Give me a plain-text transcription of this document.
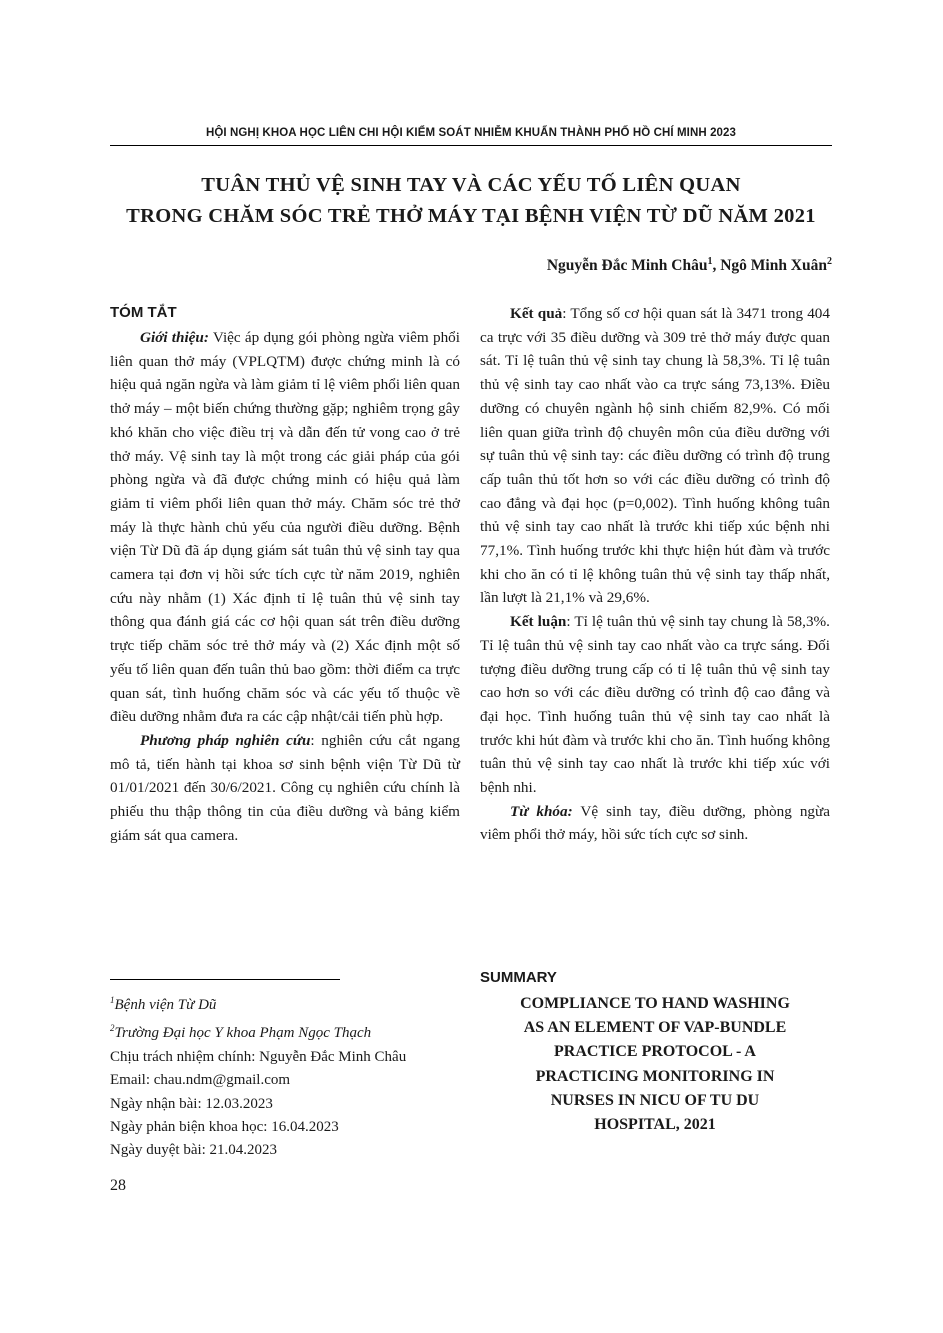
HỘI NGHỊ KHOA HỌC LIÊN CHI HỘI KIỂM SOÁT NHIỄM KHUẨN THÀNH PHỐ HỒ CHÍ MINH 2023
TUÂN THỦ VỆ SINH TAY VÀ CÁC YẾU TỐ LIÊN QUAN
TRONG CHĂM SÓC TRẺ THỞ MÁY TẠI BỆNH VIỆN TỪ DŨ NĂM 2021
Nguyễn Đắc Minh Châu$^1$, Ngô Minh Xuân$^2$
TÓM TẮT

Giới thiệu: Việc áp dụng gói phòng ngừa viêm phổi liên quan thở máy (VPLQTM) được chứng minh là có hiệu quả ngăn ngừa và làm giảm tỉ lệ viêm phổi liên quan thở máy – một biến chứng thường gặp; nghiêm trọng gây khó khăn cho việc điều trị và dẫn đến tử vong cao ở trẻ thở máy. Vệ sinh tay là một trong các giải pháp của gói phòng ngừa và đã được chứng minh có hiệu quả làm giảm tỉ viêm phổi liên quan thở máy. Chăm sóc trẻ thở máy là thực hành chủ yếu của người điều dưỡng. Bệnh viện Từ Dũ đã áp dụng giám sát tuân thủ vệ sinh tay qua camera tại đơn vị hồi sức tích cực từ năm 2019, nghiên cứu này nhằm (1) Xác định tỉ lệ tuân thủ vệ sinh tay thông qua đánh giá các cơ hội quan sát trên điều dưỡng trực tiếp chăm sóc trẻ thở máy và (2) Xác định một số yếu tố liên quan đến tuân thủ bao gồm: thời điểm ca trực quan sát, tình huống chăm sóc và các yếu tố thuộc về điều dưỡng nhằm đưa ra các cập nhật/cải tiến phù hợp.

Phương pháp nghiên cứu: nghiên cứu cắt ngang mô tả, tiến hành tại khoa sơ sinh bệnh viện Từ Dũ từ 01/01/2021 đến 30/6/2021. Công cụ nghiên cứu chính là phiếu thu thập thông tin của điều dưỡng và bảng kiểm giám sát qua camera.

Kết quả: Tổng số cơ hội quan sát là 3471 trong 404 ca trực với 35 điều dưỡng và 309 trẻ thở máy được quan sát. Tỉ lệ tuân thủ vệ sinh tay chung là 58,3%. Tỉ lệ tuân thủ vệ sinh tay cao nhất vào ca trực sáng 73,13%. Điều dưỡng có chuyên ngành hộ sinh chiếm 82,9%. Có mối liên quan giữa trình độ chuyên môn của điều dưỡng với sự tuân thủ vệ sinh tay: các điều dưỡng có trình độ trung cấp tuân thủ tốt hơn so với các điều dưỡng có trình độ cao đẳng và đại học (p=0,002). Tình huống không tuân thủ vệ sinh tay cao nhất là trước khi tiếp xúc bệnh nhi 77,1%. Tình huống trước khi thực hiện hút đàm và trước khi cho ăn có tỉ lệ không tuân thủ vệ sinh tay thấp nhất, lần lượt là 21,1% và 29,6%.

Kết luận: Tỉ lệ tuân thủ vệ sinh tay chung là 58,3%. Tỉ lệ tuân thủ vệ sinh tay cao nhất vào ca trực sáng. Đối tượng điều dưỡng trung cấp có tỉ lệ tuân thủ vệ sinh tay cao hơn so với các điều dưỡng có trình độ cao đẳng và đại học. Tình huống tuân thủ vệ sinh tay cao nhất là trước khi hút đàm và trước khi cho ăn. Tình huống không tuân thủ vệ sinh tay cao nhất là trước khi tiếp xúc với bệnh nhi.

Từ khóa: Vệ sinh tay, điều dưỡng, phòng ngừa viêm phổi thở máy, hồi sức tích cực sơ sinh.

$^1$Bệnh viện Từ Dũ
$^2$Trường Đại học Y khoa Phạm Ngọc Thạch
Chịu trách nhiệm chính: Nguyễn Đắc Minh Châu
Email: chau.ndm@gmail.com
Ngày nhận bài: 12.03.2023
Ngày phản biện khoa học: 16.04.2023
Ngày duyệt bài: 21.04.2023
SUMMARY
COMPLIANCE TO HAND WASHING
AS AN ELEMENT OF VAP-BUNDLE
PRACTICE PROTOCOL - A
PRACTICING MONITORING IN
NURSES IN NICU OF TU DU
HOSPITAL, 2021
28
